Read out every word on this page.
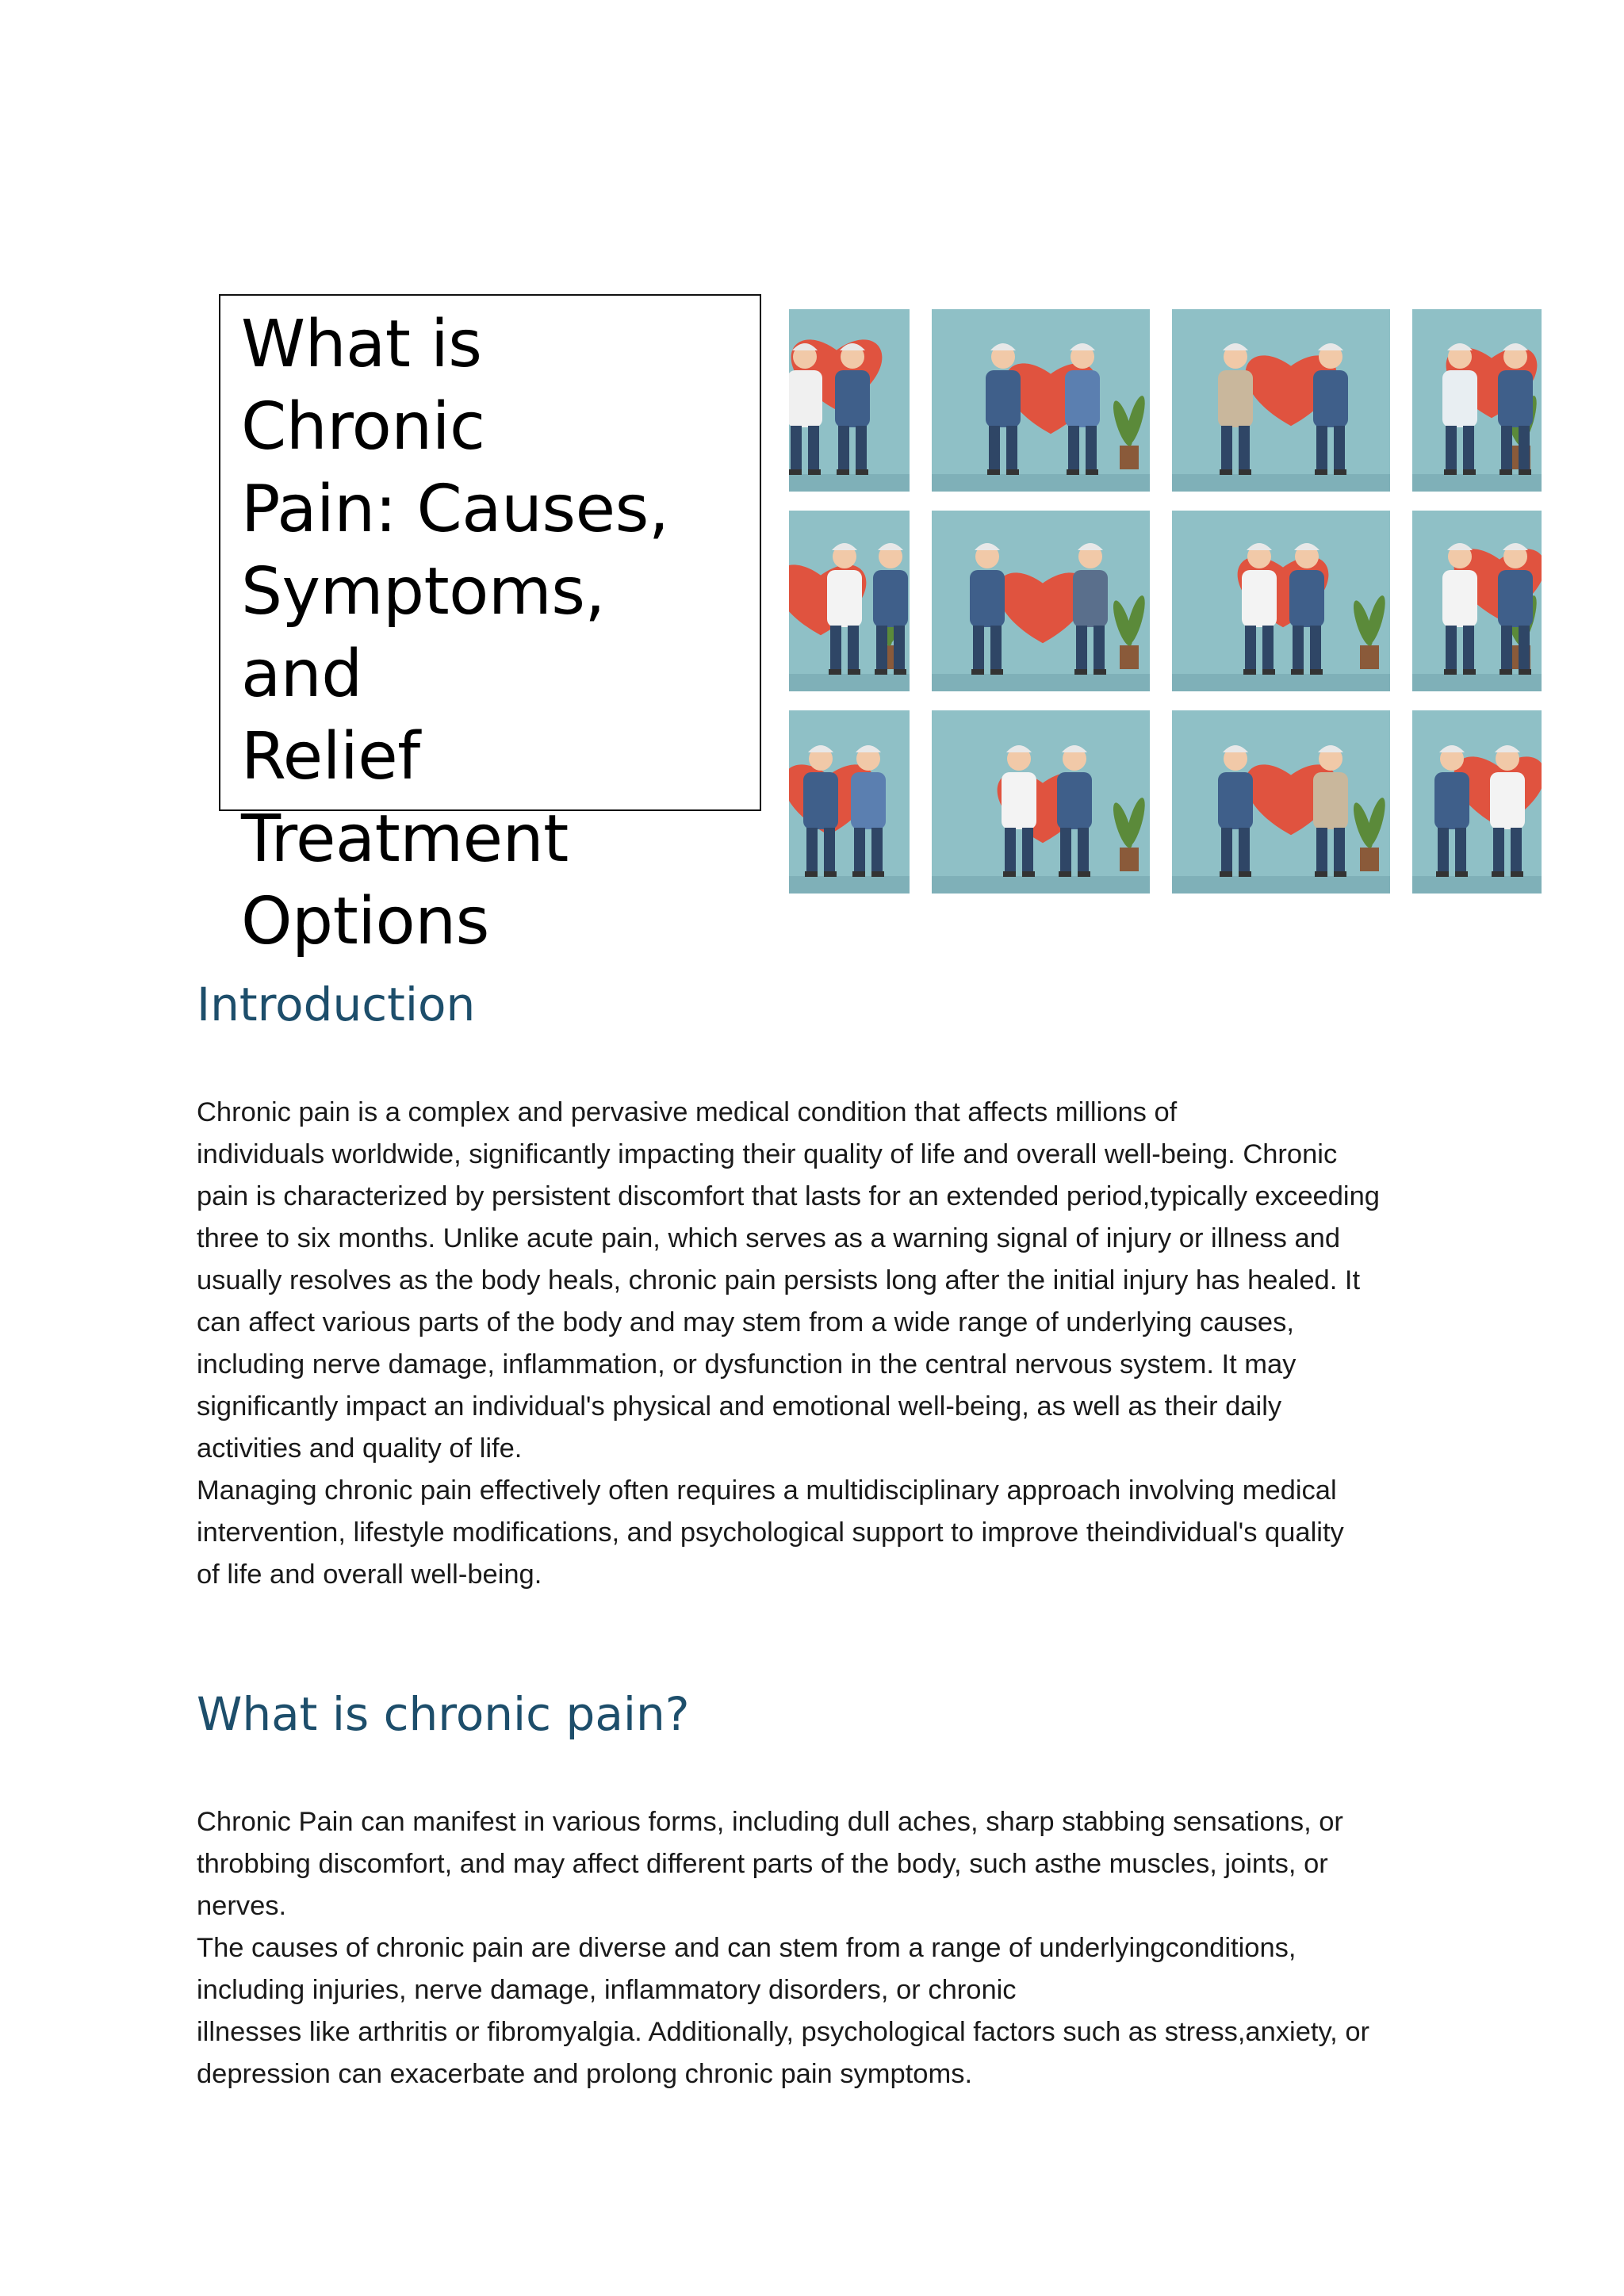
What is Chronic
Pain: Causes,
Symptoms, and
Relief
Treatment
Options
Introduction
Chronic pain is a complex and pervasive medical condition that affects millions of
individuals worldwide, significantly impacting their quality of life and overall well-being. Chronic
pain is characterized by persistent discomfort that lasts for an extended period,typically exceeding
three to six months. Unlike acute pain, which serves as a warning signal of injury or illness and
usually resolves as the body heals, chronic pain persists long after the initial injury has healed. It
can affect various parts of the body and may stem from a wide range of underlying causes,
including nerve damage, inflammation, or dysfunction in the central nervous system. It may
significantly impact an individual's physical and emotional well-being, as well as their daily
activities and quality of life.
Managing chronic pain effectively often requires a multidisciplinary approach involving medical
intervention, lifestyle modifications, and psychological support to improve theindividual's quality
of life and overall well-being.
What is chronic pain?
Chronic Pain can manifest in various forms, including dull aches, sharp stabbing sensations, or
throbbing discomfort, and may affect different parts of the body, such asthe muscles, joints, or
nerves.
The causes of chronic pain are diverse and can stem from a range of underlyingconditions,
including injuries, nerve damage, inflammatory disorders, or chronic
illnesses like arthritis or fibromyalgia. Additionally, psychological factors such as stress,anxiety, or
depression can exacerbate and prolong chronic pain symptoms.
